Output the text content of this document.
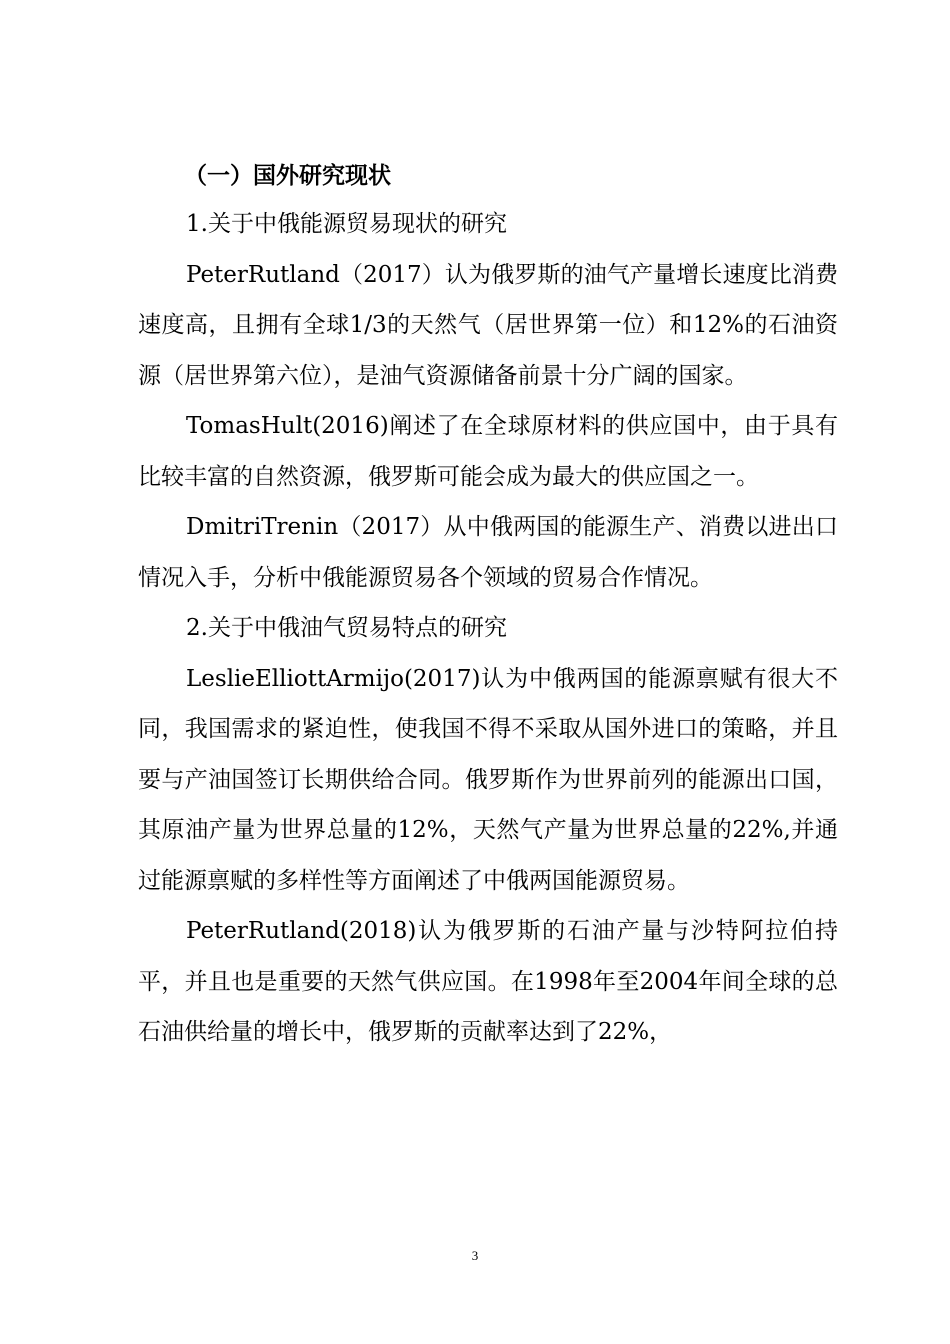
（一）国外研究现状

1.关于中俄能源贸易现状的研究

PeterRutland（2017）认为俄罗斯的油气产量增长速度比消费速度高，且拥有全球1/3的天然气（居世界第一位）和12%的石油资源（居世界第六位），是油气资源储备前景十分广阔的国家。

TomasHult(2016)阐述了在全球原材料的供应国中，由于具有比较丰富的自然资源，俄罗斯可能会成为最大的供应国之一。

DmitriTrenin（2017）从中俄两国的能源生产、消费以进出口情况入手，分析中俄能源贸易各个领域的贸易合作情况。

2.关于中俄油气贸易特点的研究

LeslieElliottArmijo(2017)认为中俄两国的能源禀赋有很大不同，我国需求的紧迫性，使我国不得不采取从国外进口的策略，并且要与产油国签订长期供给合同。俄罗斯作为世界前列的能源出口国，其原油产量为世界总量的12%，天然气产量为世界总量的22%,并通过能源禀赋的多样性等方面阐述了中俄两国能源贸易。

PeterRutland(2018)认为俄罗斯的石油产量与沙特阿拉伯持平，并且也是重要的天然气供应国。在1998年至2004年间全球的总石油供给量的增长中，俄罗斯的贡献率达到了22%，

3
